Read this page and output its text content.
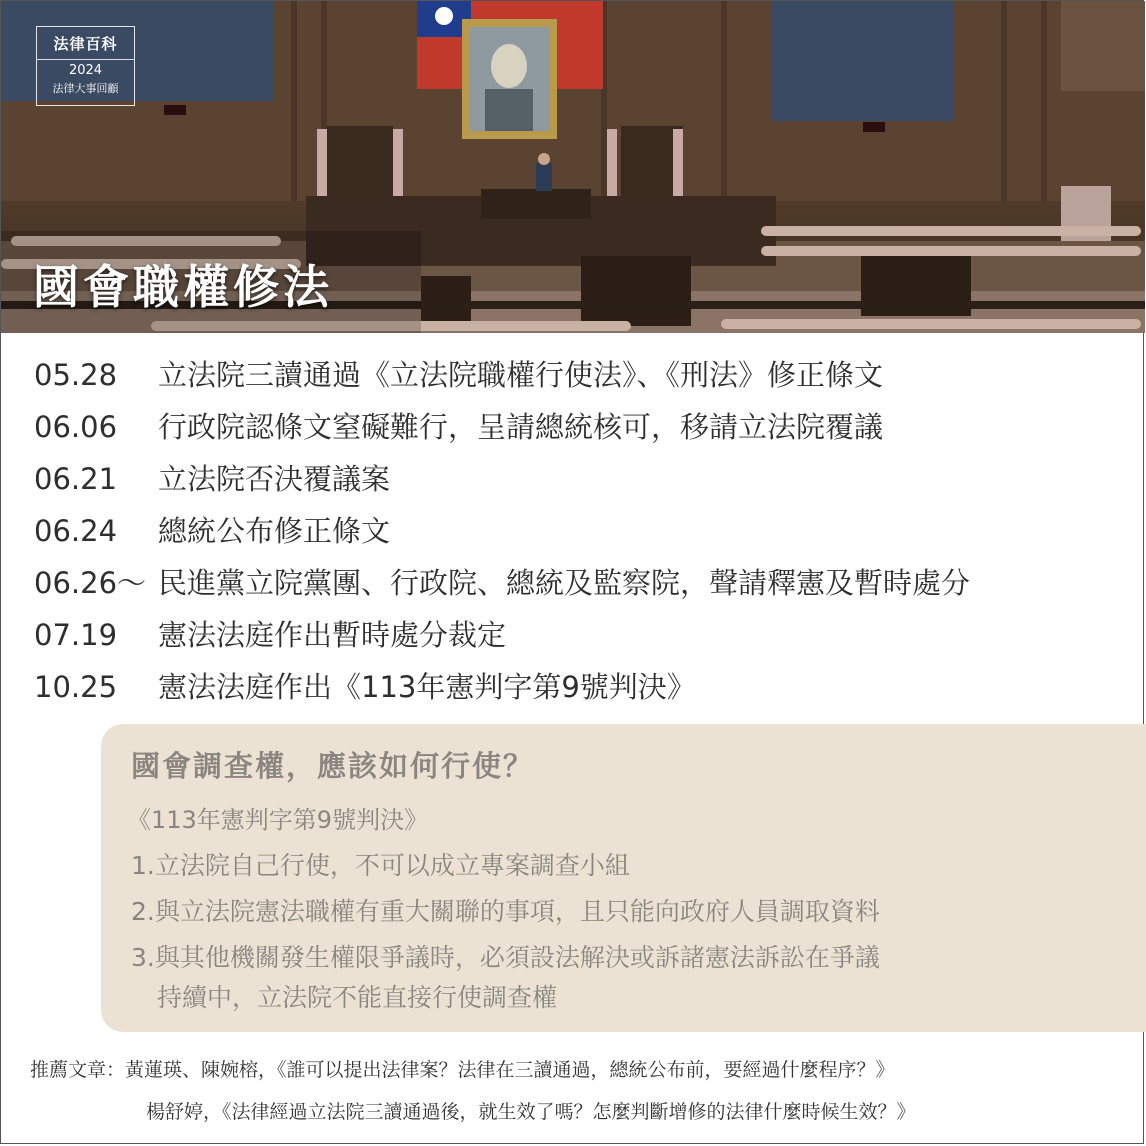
法律百科
2024
法律大事回顧
國會職權修法
05.28 立法院三讀通過《立法院職權行使法》、《刑法》修正條文
06.06 行政院認條文窒礙難行，呈請總統核可，移請立法院覆議
06.21 立法院否決覆議案
06.24 總統公布修正條文
06.26～ 民進黨立院黨團、行政院、總統及監察院，聲請釋憲及暫時處分
07.19 憲法法庭作出暫時處分裁定
10.25 憲法法庭作出《113年憲判字第9號判決》
國會調查權，應該如何行使？
《113年憲判字第9號判決》
1.立法院自己行使，不可以成立專案調查小組
2.與立法院憲法職權有重大關聯的事項，且只能向政府人員調取資料
3.與其他機關發生權限爭議時，必須設法解決或訴諸憲法訴訟在爭議
持續中，立法院不能直接行使調查權
推薦文章：黃蓮瑛、陳婉榕，《誰可以提出法律案？法律在三讀通過，總統公布前，要經過什麼程序？》
楊舒婷，《法律經過立法院三讀通過後，就生效了嗎？怎麼判斷增修的法律什麼時候生效？》
